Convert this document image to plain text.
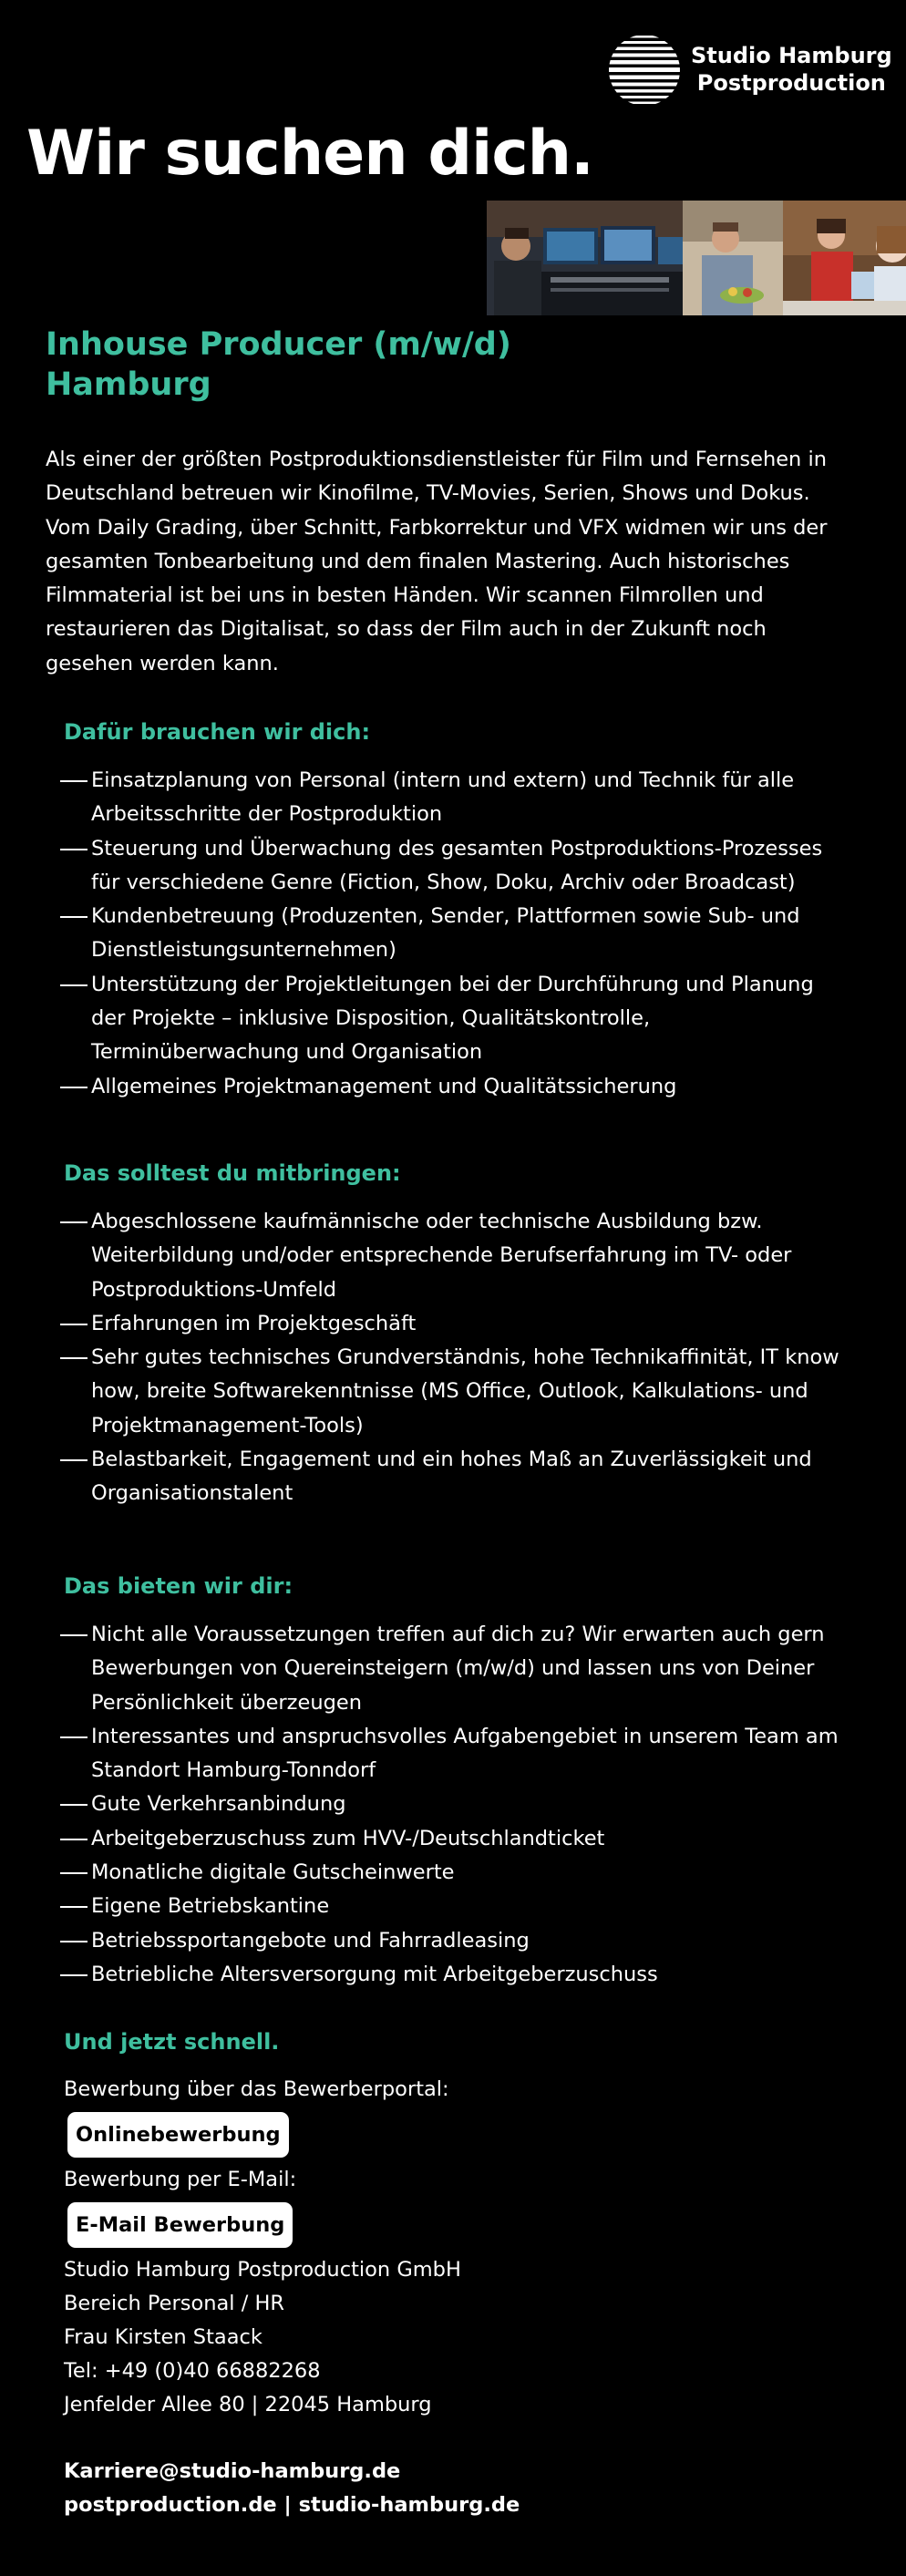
Studio Hamburg
Postproduction
Wir suchen dich.
Inhouse Producer (m/w/d)
Hamburg

Als einer der größten Postproduktionsdienstleister für Film und Fernsehen in Deutschland betreuen wir Kinofilme, TV-Movies, Serien, Shows und Dokus. Vom Daily Grading, über Schnitt, Farbkorrektur und VFX widmen wir uns der gesamten Tonbearbeitung und dem finalen Mastering. Auch historisches Filmmaterial ist bei uns in besten Händen. Wir scannen Filmrollen und restaurieren das Digitalisat, so dass der Film auch in der Zukunft noch gesehen werden kann.

Dafür brauchen wir dich:
Einsatzplanung von Personal (intern und extern) und Technik für alle Arbeitsschritte der Postproduktion
Steuerung und Überwachung des gesamten Postproduktions-Prozesses für verschiedene Genre (Fiction, Show, Doku, Archiv oder Broadcast)
Kundenbetreuung (Produzenten, Sender, Plattformen sowie Sub- und Dienstleistungsunternehmen)
Unterstützung der Projektleitungen bei der Durchführung und Planung der Projekte – inklusive Disposition, Qualitätskontrolle, Terminüberwachung und Organisation
Allgemeines Projektmanagement und Qualitätssicherung
Das solltest du mitbringen:
Abgeschlossene kaufmännische oder technische Ausbildung bzw. Weiterbildung und/oder entsprechende Berufserfahrung im TV- oder Postproduktions-Umfeld
Erfahrungen im Projektgeschäft
Sehr gutes technisches Grundverständnis, hohe Technikaffinität, IT know how, breite Softwarekenntnisse (MS Office, Outlook, Kalkulations- und Projektmanagement-Tools)
Belastbarkeit, Engagement und ein hohes Maß an Zuverlässigkeit und Organisationstalent
Das bieten wir dir:
Nicht alle Voraussetzungen treffen auf dich zu? Wir erwarten auch gern Bewerbungen von Quereinsteigern (m/w/d) und lassen uns von Deiner Persönlichkeit überzeugen
Interessantes und anspruchsvolles Aufgabengebiet in unserem Team am Standort Hamburg-Tonndorf
Gute Verkehrsanbindung
Arbeitgeberzuschuss zum HVV-/Deutschlandticket
Monatliche digitale Gutscheinwerte
Eigene Betriebskantine
Betriebssportangebote und Fahrradleasing
Betriebliche Altersversorgung mit Arbeitgeberzuschuss
Und jetzt schnell.
Bewerbung über das Bewerberportal:
Onlinebewerbung
Bewerbung per E-Mail:
E-Mail Bewerbung
Studio Hamburg Postproduction GmbH
Bereich Personal / HR
Frau Kirsten Staack
Tel: +49 (0)40 66882268
Jenfelder Allee 80 | 22045 Hamburg
Karriere@studio-hamburg.de
postproduction.de | studio-hamburg.de
